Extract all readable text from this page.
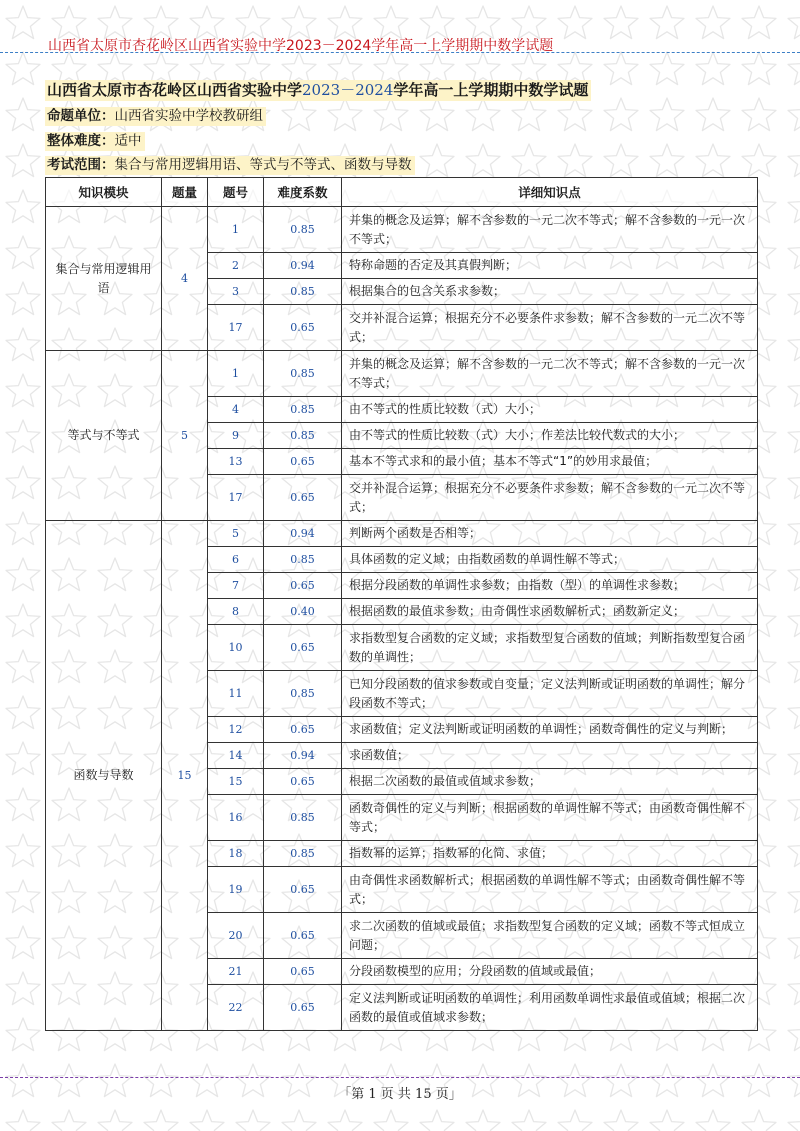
山西省太原市杏花岭区山西省实验中学2023－2024学年高一上学期期中数学试题
山西省太原市杏花岭区山西省实验中学2023－2024学年高一上学期期中数学试题
命题单位：山西省实验中学校教研组
整体难度：适中
考试范围：集合与常用逻辑用语、等式与不等式、函数与导数
知识模块	题量	题号	难度系数	详细知识点
集合与常用逻辑用语	4	1	0.85	并集的概念及运算；解不含参数的一元二次不等式；解不含参数的一元一次不等式；
		2	0.94	特称命题的否定及其真假判断；
		3	0.85	根据集合的包含关系求参数；
		17	0.65	交并补混合运算；根据充分不必要条件求参数；解不含参数的一元二次不等式；
等式与不等式	5	1	0.85	并集的概念及运算；解不含参数的一元二次不等式；解不含参数的一元一次不等式；
		4	0.85	由不等式的性质比较数（式）大小；
		9	0.85	由不等式的性质比较数（式）大小；作差法比较代数式的大小；
		13	0.65	基本不等式求和的最小值；基本不等式“1”的妙用求最值；
		17	0.65	交并补混合运算；根据充分不必要条件求参数；解不含参数的一元二次不等式；
函数与导数	15	5	0.94	判断两个函数是否相等；
		6	0.85	具体函数的定义域；由指数函数的单调性解不等式；
		7	0.65	根据分段函数的单调性求参数；由指数（型）的单调性求参数；
		8	0.40	根据函数的最值求参数；由奇偶性求函数解析式；函数新定义；
		10	0.65	求指数型复合函数的定义域；求指数型复合函数的值域；判断指数型复合函数的单调性；
		11	0.85	已知分段函数的值求参数或自变量；定义法判断或证明函数的单调性；解分段函数不等式；
		12	0.65	求函数值；定义法判断或证明函数的单调性；函数奇偶性的定义与判断；
		14	0.94	求函数值；
		15	0.65	根据二次函数的最值或值域求参数；
		16	0.85	函数奇偶性的定义与判断；根据函数的单调性解不等式；由函数奇偶性解不等式；
		18	0.85	指数幂的运算；指数幂的化简、求值；
		19	0.65	由奇偶性求函数解析式；根据函数的单调性解不等式；由函数奇偶性解不等式；
		20	0.65	求二次函数的值域或最值；求指数型复合函数的定义域；函数不等式恒成立问题；
		21	0.65	分段函数模型的应用；分段函数的值域或最值；
		22	0.65	定义法判断或证明函数的单调性；利用函数单调性求最值或值域；根据二次函数的最值或值域求参数；
「第 1 页 共 15 页」
